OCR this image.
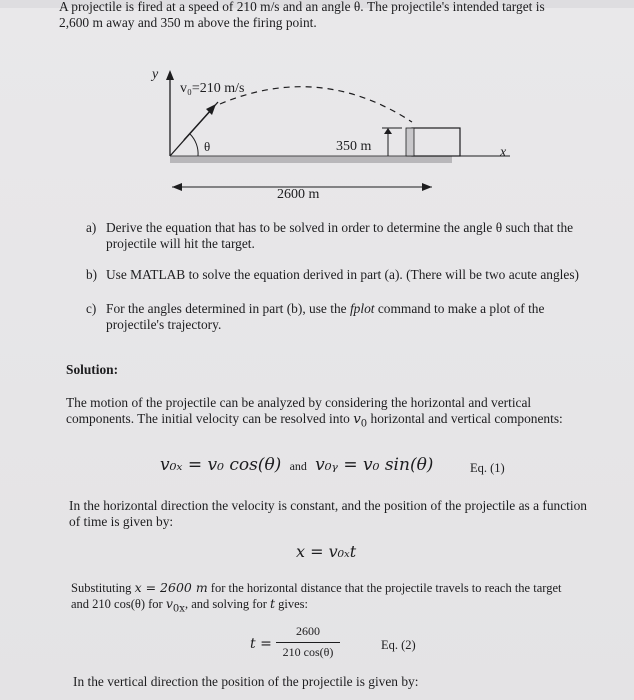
A projectile is fired at a speed of 210 m/s and an angle θ. The projectile's intended target is
2,600 m away and 350 m above the firing point.
y
x
v₀=210 m/s
θ	350 m
2600 m
a) Derive the equation that has to be solved in order to determine the angle θ such that the
projectile will hit the target.
b) Use MATLAB to solve the equation derived in part (a). (There will be two acute angles)
c) For the angles determined in part (b), use the fplot command to make a plot of the
projectile's trajectory.
Solution:
The motion of the projectile can be analyzed by considering the horizontal and vertical
components. The initial velocity can be resolved into $v_0$ horizontal and vertical components:
v₀ₓ = v₀ cos(θ) and v₀ᵧ = v₀ sin(θ)	Eq. (1)
In the horizontal direction the velocity is constant, and the position of the projectile as a function
of time is given by:
x = v₀ₓt
Substituting x = 2600 m for the horizontal distance that the projectile travels to reach the target
and 210 cos(θ) for $v_{0x}$, and solving for t gives:
t =
2600
210 cos(θ)	Eq. (2)
In the vertical direction the position of the projectile is given by:
